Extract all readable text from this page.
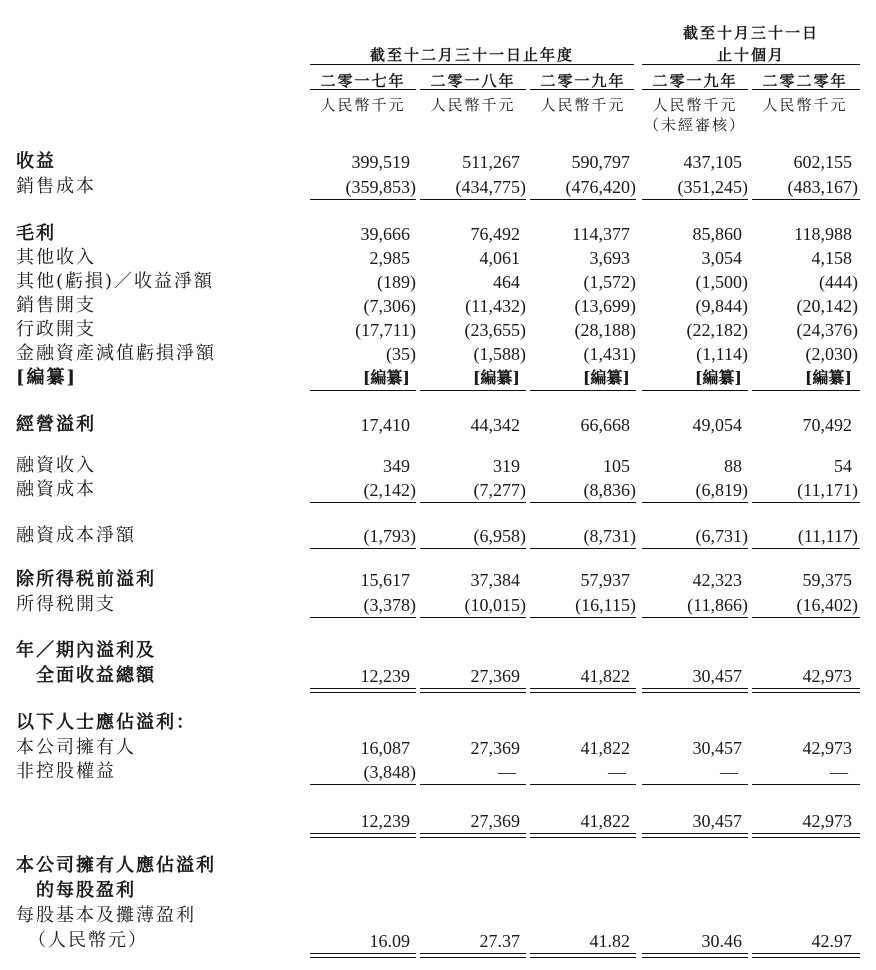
截至十月三十一日
截至十二月三十一日止年度	止十個月
二零一七年	二零一八年	二零一九年	二零一九年	二零二零年
人民幣千元	人民幣千元	人民幣千元	人民幣千元	人民幣千元
（未經審核）
收益	399,519	511,267	590,797	437,105	602,155
銷售成本	(359,853)	(434,775)	(476,420)	(351,245)	(483,167)
毛利	39,666	76,492	114,377	85,860	118,988
其他收入	2,985	4,061	3,693	3,054	4,158
其他(虧損)／收益淨額	(189)	464	(1,572)	(1,500)	(444)
銷售開支	(7,306)	(11,432)	(13,699)	(9,844)	(20,142)
行政開支	(17,711)	(23,655)	(28,188)	(22,182)	(24,376)
金融資產減值虧損淨額	(35)	(1,588)	(1,431)	(1,114)	(2,030)
[編纂]	[編纂]	[編纂]	[編纂]	[編纂]	[編纂]
經營溢利	17,410	44,342	66,668	49,054	70,492
融資收入	349	319	105	88	54
融資成本	(2,142)	(7,277)	(8,836)	(6,819)	(11,171)
融資成本淨額	(1,793)	(6,958)	(8,731)	(6,731)	(11,117)
除所得税前溢利	15,617	37,384	57,937	42,323	59,375
所得税開支	(3,378)	(10,015)	(16,115)	(11,866)	(16,402)
年／期內溢利及
全面收益總額	12,239	27,369	41,822	30,457	42,973
以下人士應佔溢利：
本公司擁有人	16,087	27,369	41,822	30,457	42,973
非控股權益	(3,848)	—	—	—	—
12,239	27,369	41,822	30,457	42,973
本公司擁有人應佔溢利
的每股盈利
每股基本及攤薄盈利
（人民幣元）	16.09	27.37	41.82	30.46	42.97
